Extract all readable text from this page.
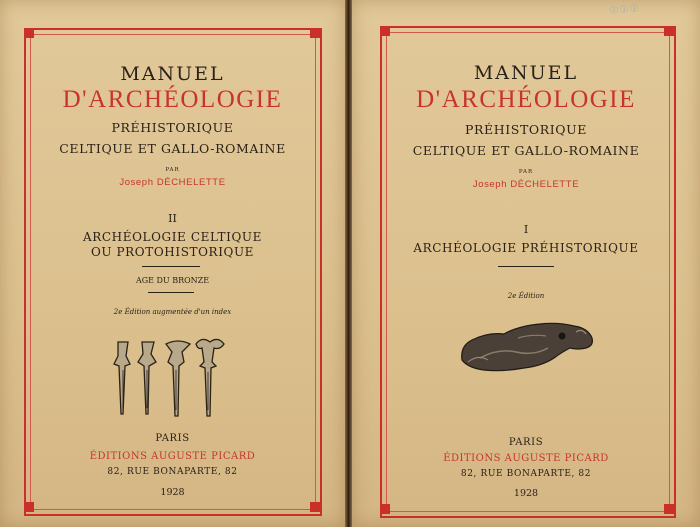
MANUEL
D'ARCHÉOLOGIE
PRÉHISTORIQUE
CELTIQUE ET GALLO-ROMAINE
PAR
Joseph DÉCHELETTE
II
ARCHÉOLOGIE CELTIQUE
OU PROTOHISTORIQUE
AGE DU BRONZE
2e Édition augmentée d'un index
PARIS
ÉDITIONS AUGUSTE PICARD
82, RUE BONAPARTE, 82
1928
ⓘ ⓘ ⓘ
MANUEL
D'ARCHÉOLOGIE
PRÉHISTORIQUE
CELTIQUE ET GALLO-ROMAINE
PAR
Joseph DÉCHELETTE
I
ARCHÉOLOGIE PRÉHISTORIQUE
2e Édition
PARIS
ÉDITIONS AUGUSTE PICARD
82, RUE BONAPARTE, 82
1928
